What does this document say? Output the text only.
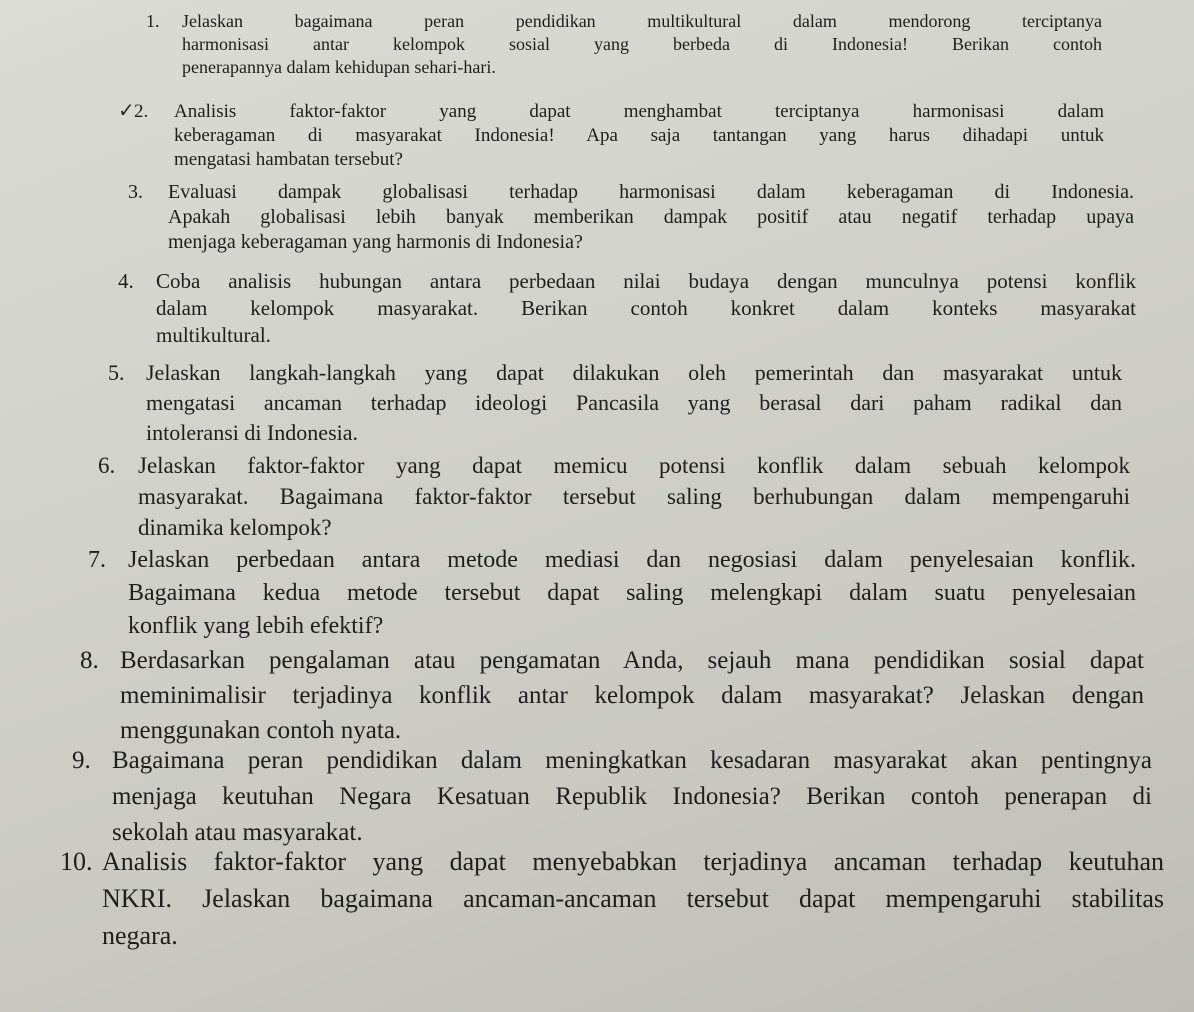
1. Jelaskan bagaimana peran pendidikan multikultural dalam mendorong terciptanya
harmonisasi antar kelompok sosial yang berbeda di Indonesia! Berikan contoh
penerapannya dalam kehidupan sehari-hari.
✓ 2. Analisis faktor-faktor yang dapat menghambat terciptanya harmonisasi dalam
keberagaman di masyarakat Indonesia! Apa saja tantangan yang harus dihadapi untuk
mengatasi hambatan tersebut?
3. Evaluasi dampak globalisasi terhadap harmonisasi dalam keberagaman di Indonesia.
Apakah globalisasi lebih banyak memberikan dampak positif atau negatif terhadap upaya
menjaga keberagaman yang harmonis di Indonesia?
4. Coba analisis hubungan antara perbedaan nilai budaya dengan munculnya potensi konflik
dalam kelompok masyarakat. Berikan contoh konkret dalam konteks masyarakat
multikultural.
5. Jelaskan langkah-langkah yang dapat dilakukan oleh pemerintah dan masyarakat untuk
mengatasi ancaman terhadap ideologi Pancasila yang berasal dari paham radikal dan
intoleransi di Indonesia.
6. Jelaskan faktor-faktor yang dapat memicu potensi konflik dalam sebuah kelompok
masyarakat. Bagaimana faktor-faktor tersebut saling berhubungan dalam mempengaruhi
dinamika kelompok?
7. Jelaskan perbedaan antara metode mediasi dan negosiasi dalam penyelesaian konflik.
Bagaimana kedua metode tersebut dapat saling melengkapi dalam suatu penyelesaian
konflik yang lebih efektif?
8. Berdasarkan pengalaman atau pengamatan Anda, sejauh mana pendidikan sosial dapat
meminimalisir terjadinya konflik antar kelompok dalam masyarakat? Jelaskan dengan
menggunakan contoh nyata.
9. Bagaimana peran pendidikan dalam meningkatkan kesadaran masyarakat akan pentingnya
menjaga keutuhan Negara Kesatuan Republik Indonesia? Berikan contoh penerapan di
sekolah atau masyarakat.
10. Analisis faktor-faktor yang dapat menyebabkan terjadinya ancaman terhadap keutuhan
NKRI. Jelaskan bagaimana ancaman-ancaman tersebut dapat mempengaruhi stabilitas
negara.
